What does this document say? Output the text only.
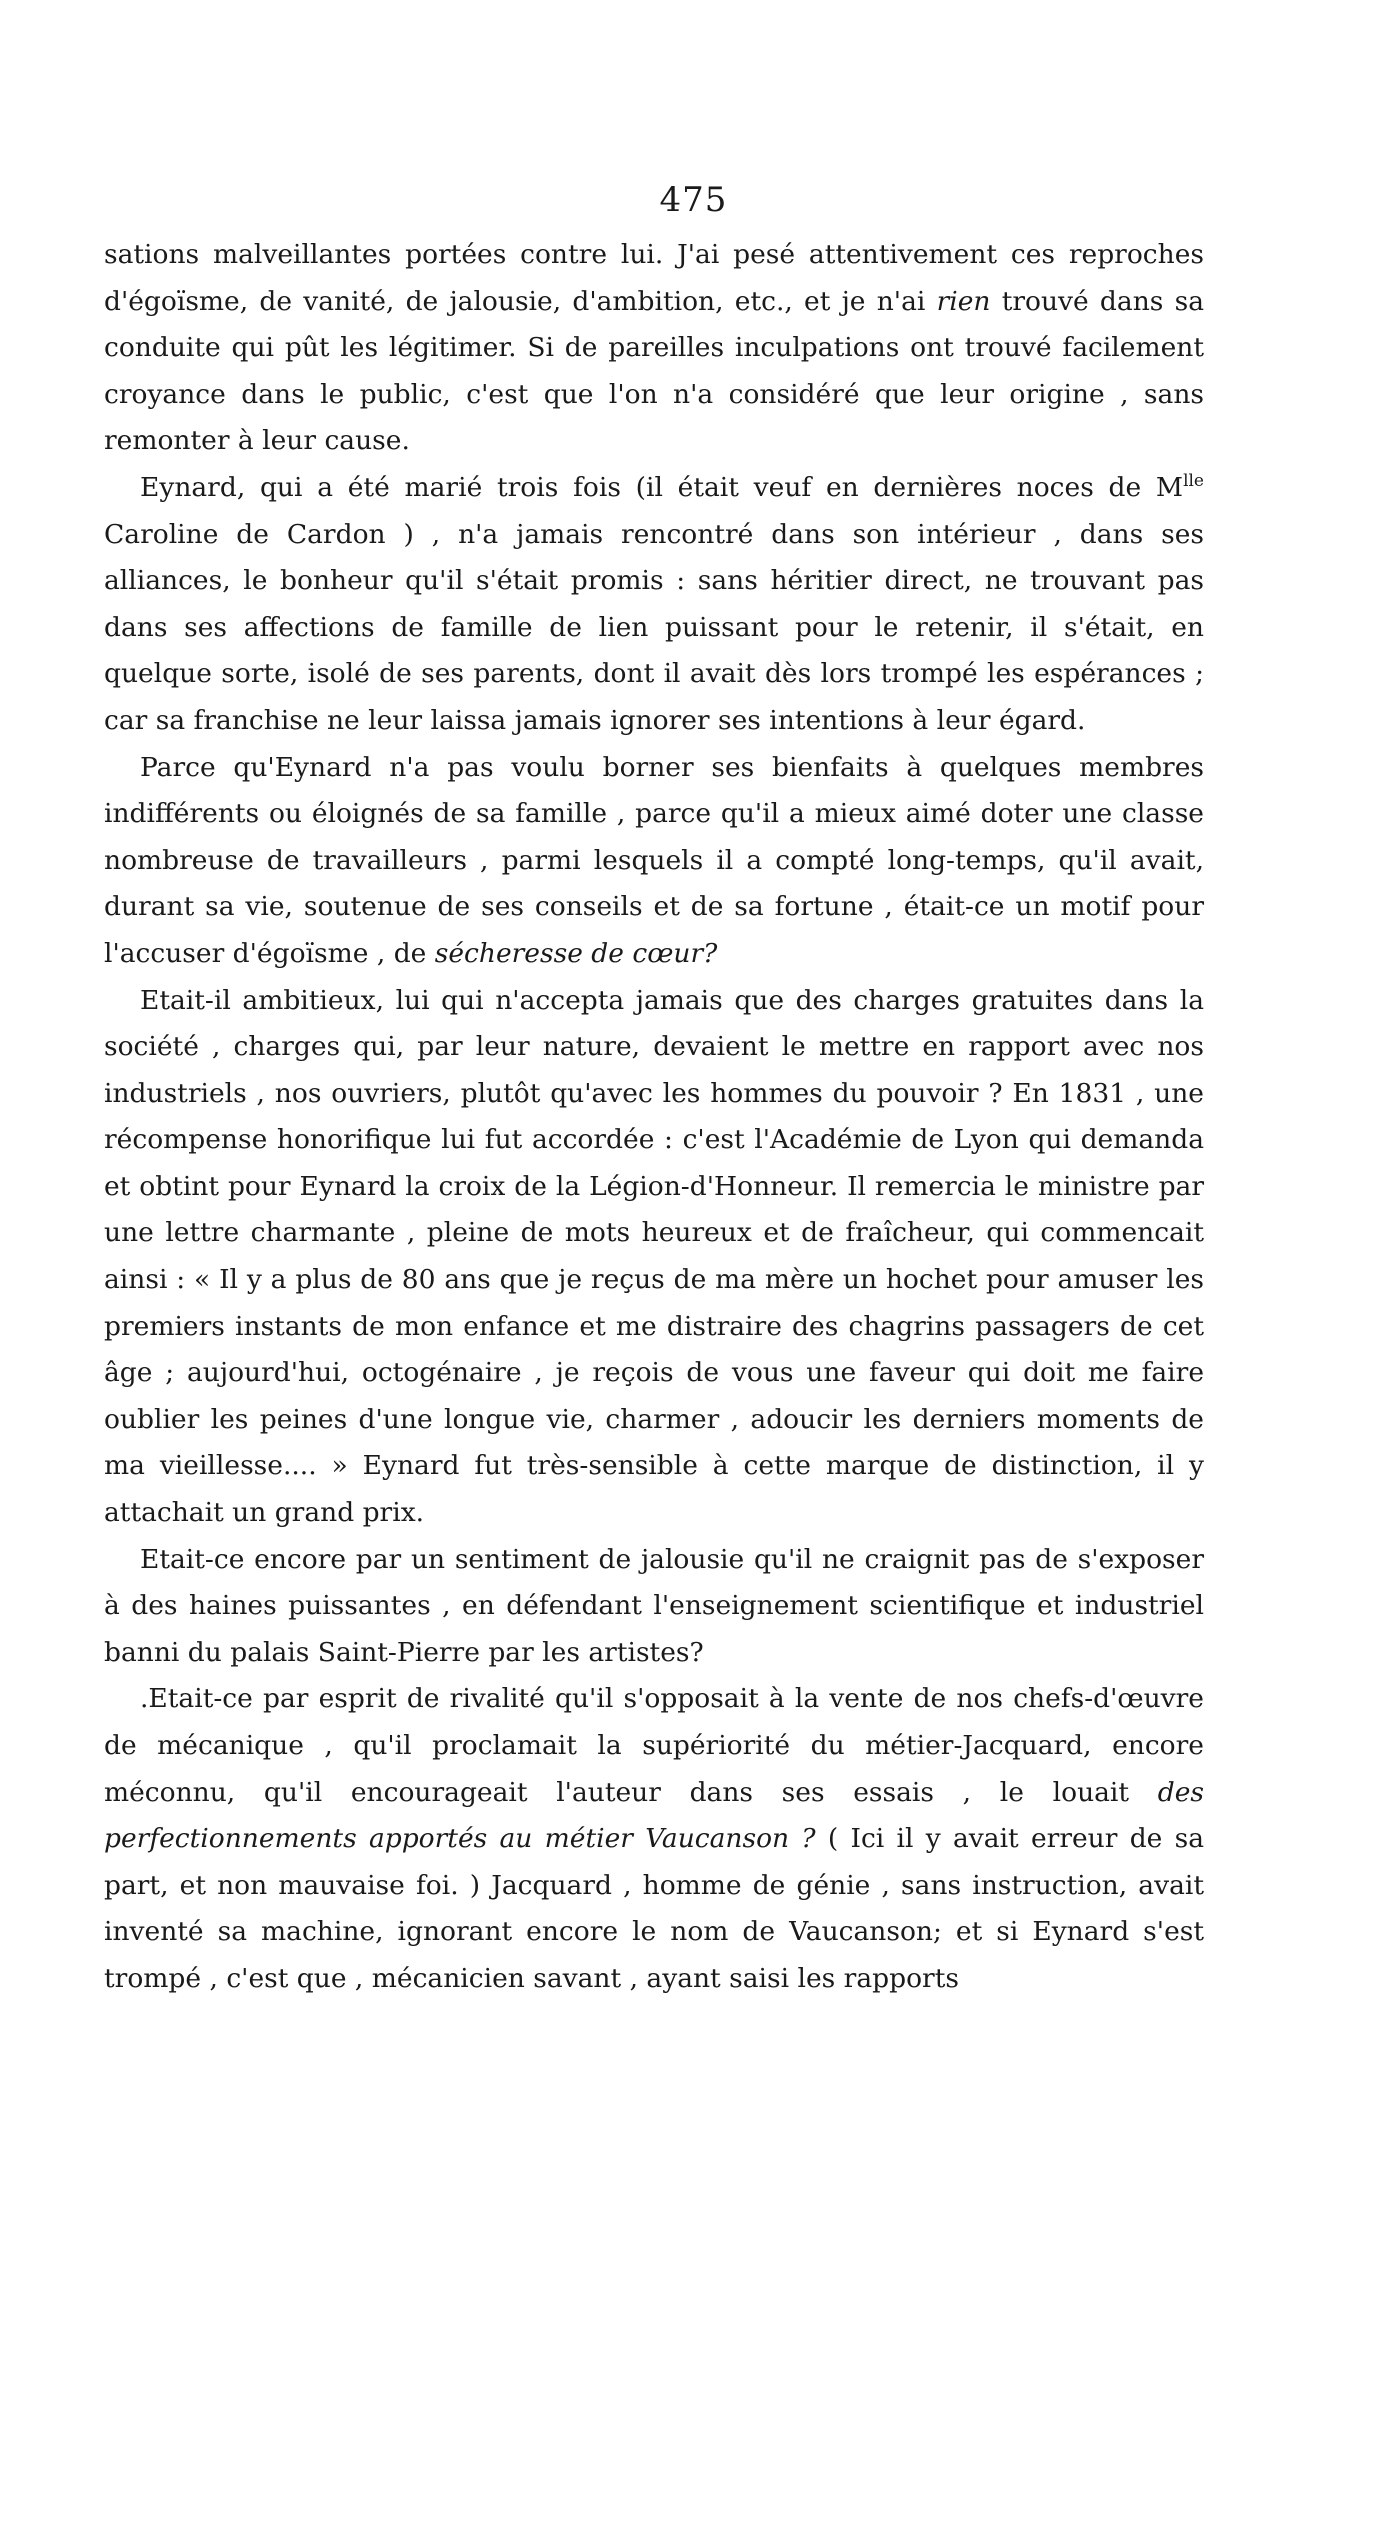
475

sations malveillantes portées contre lui. J'ai pesé attentivement ces reproches d'égoïsme, de vanité, de jalousie, d'ambition, etc., et je n'ai rien trouvé dans sa conduite qui pût les légitimer. Si de pareilles inculpations ont trouvé facilement croyance dans le public, c'est que l'on n'a considéré que leur origine , sans remonter à leur cause.

Eynard, qui a été marié trois fois (il était veuf en dernières noces de $M^{lle}$ Caroline de Cardon ) , n'a jamais rencontré dans son intérieur , dans ses alliances, le bonheur qu'il s'était promis : sans héritier direct, ne trouvant pas dans ses affections de famille de lien puissant pour le retenir, il s'était, en quelque sorte, isolé de ses parents, dont il avait dès lors trompé les espérances ; car sa franchise ne leur laissa jamais ignorer ses intentions à leur égard.

Parce qu'Eynard n'a pas voulu borner ses bienfaits à quelques membres indifférents ou éloignés de sa famille , parce qu'il a mieux aimé doter une classe nombreuse de travailleurs , parmi lesquels il a compté long-temps, qu'il avait, durant sa vie, soutenue de ses conseils et de sa fortune , était-ce un motif pour l'accuser d'égoïsme , de sécheresse de cœur?

Etait-il ambitieux, lui qui n'accepta jamais que des charges gratuites dans la société , charges qui, par leur nature, devaient le mettre en rapport avec nos industriels , nos ouvriers, plutôt qu'avec les hommes du pouvoir ? En 1831 , une récompense honorifique lui fut accordée : c'est l'Académie de Lyon qui demanda et obtint pour Eynard la croix de la Légion-d'Honneur. Il remercia le ministre par une lettre charmante , pleine de mots heureux et de fraîcheur, qui commencait ainsi : « Il y a plus de 80 ans que je reçus de ma mère un hochet pour amuser les premiers instants de mon enfance et me distraire des chagrins passagers de cet âge ; aujourd'hui, octogénaire , je reçois de vous une faveur qui doit me faire oublier les peines d'une longue vie, charmer , adoucir les derniers moments de ma vieillesse.... » Eynard fut très-sensible à cette marque de distinction, il y attachait un grand prix.

Etait-ce encore par un sentiment de jalousie qu'il ne craignit pas de s'exposer à des haines puissantes , en défendant l'enseignement scientifique et industriel banni du palais Saint-Pierre par les artistes?

.Etait-ce par esprit de rivalité qu'il s'opposait à la vente de nos chefs-d'œuvre de mécanique , qu'il proclamait la supériorité du métier-Jacquard, encore méconnu, qu'il encourageait l'auteur dans ses essais , le louait des perfectionnements apportés au métier Vaucanson ? ( Ici il y avait erreur de sa part, et non mauvaise foi. ) Jacquard , homme de génie , sans instruction, avait inventé sa machine, ignorant encore le nom de Vaucanson; et si Eynard s'est trompé , c'est que , mécanicien savant , ayant saisi les rapports
